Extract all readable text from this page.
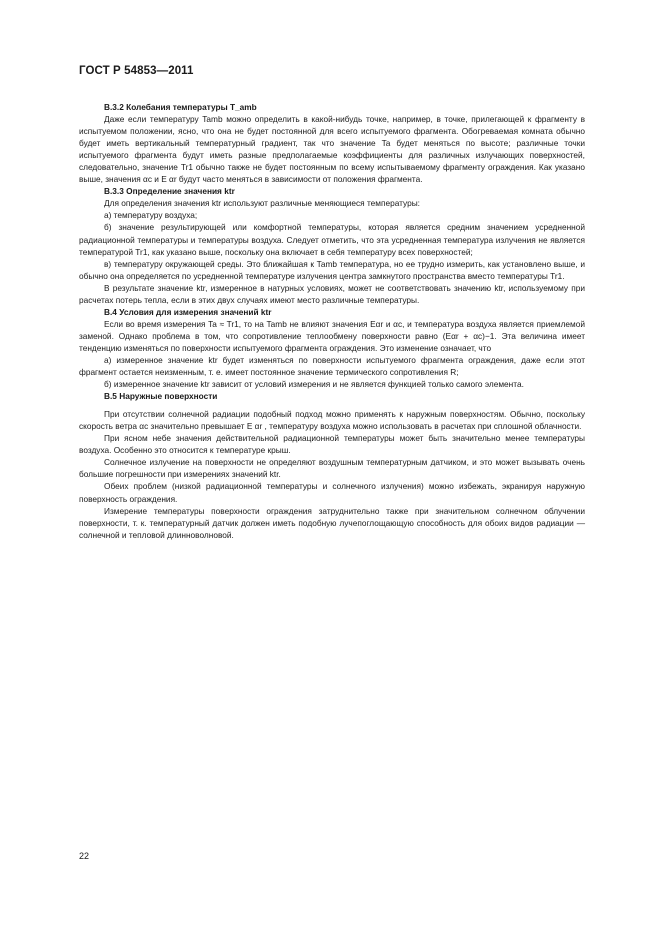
ГОСТ Р 54853—2011

В.3.2 Колебания температуры T_amb

Даже если температуру Tamb можно определить в какой-нибудь точке, например, в точке, прилегающей к фрагменту в испытуемом положении, ясно, что она не будет постоянной для всего испытуемого фрагмента. Обогреваемая комната обычно будет иметь вертикальный температурный градиент, так что значение Ta будет меняться по высоте; различные точки испытуемого фрагмента будут иметь разные предполагаемые коэффициенты для различных излучающих поверхностей, следовательно, значение Tr1 обычно также не будет постоянным по всему испытываемому фрагменту ограждения. Как указано выше, значения αc и E αr будут часто меняться в зависимости от положения фрагмента.

В.3.3 Определение значения ktr

Для определения значения ktr используют различные меняющиеся температуры:

а) температуру воздуха;

б) значение результирующей или комфортной температуры, которая является средним значением усредненной радиационной температуры и температуры воздуха. Следует отметить, что эта усредненная температура излучения не является температурой Tr1, как указано выше, поскольку она включает в себя температуру всех поверхностей;

в) температуру окружающей среды. Это ближайшая к Tamb температура, но ее трудно измерить, как установлено выше, и обычно она определяется по усредненной температуре излучения центра замкнутого пространства вместо температуры Tr1.

В результате значение ktr, измеренное в натурных условиях, может не соответствовать значению ktr, используемому при расчетах потерь тепла, если в этих двух случаях имеют место различные температуры.

В.4 Условия для измерения значений ktr

Если во время измерения Ta ≈ Tr1, то на Tamb не влияют значения Eαr и αc, и температура воздуха является приемлемой заменой. Однако проблема в том, что сопротивление теплообмену поверхности равно (Eαr + αc)−1. Эта величина имеет тенденцию изменяться по поверхности испытуемого фрагмента ограждения. Это изменение означает, что

а) измеренное значение ktr будет изменяться по поверхности испытуемого фрагмента ограждения, даже если этот фрагмент остается неизменным, т. е. имеет постоянное значение термического сопротивления R;

б) измеренное значение ktr зависит от условий измерения и не является функцией только самого элемента.

В.5 Наружные поверхности

При отсутствии солнечной радиации подобный подход можно применять к наружным поверхностям. Обычно, поскольку скорость ветра αc значительно превышает E αr , температуру воздуха можно использовать в расчетах при сплошной облачности.

При ясном небе значения действительной радиационной температуры может быть значительно менее температуры воздуха. Особенно это относится к температуре крыш.

Солнечное излучение на поверхности не определяют воздушным температурным датчиком, и это может вызывать очень большие погрешности при измерениях значений ktr.

Обеих проблем (низкой радиационной температуры и солнечного излучения) можно избежать, экранируя наружную поверхность ограждения.

Измерение температуры поверхности ограждения затруднительно также при значительном солнечном облучении поверхности, т. к. температурный датчик должен иметь подобную лучепоглощающую способность для обоих видов радиации — солнечной и тепловой длинноволновой.

22
